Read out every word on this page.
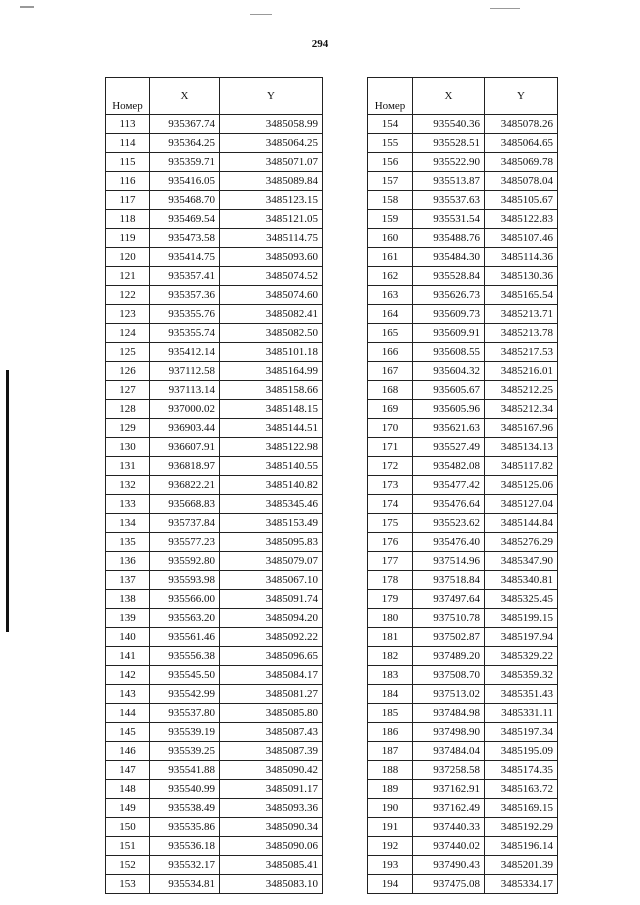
294
Номер	X	Y
113	935367.74	3485058.99
114	935364.25	3485064.25
115	935359.71	3485071.07
116	935416.05	3485089.84
117	935468.70	3485123.15
118	935469.54	3485121.05
119	935473.58	3485114.75
120	935414.75	3485093.60
121	935357.41	3485074.52
122	935357.36	3485074.60
123	935355.76	3485082.41
124	935355.74	3485082.50
125	935412.14	3485101.18
126	937112.58	3485164.99
127	937113.14	3485158.66
128	937000.02	3485148.15
129	936903.44	3485144.51
130	936607.91	3485122.98
131	936818.97	3485140.55
132	936822.21	3485140.82
133	935668.83	3485345.46
134	935737.84	3485153.49
135	935577.23	3485095.83
136	935592.80	3485079.07
137	935593.98	3485067.10
138	935566.00	3485091.74
139	935563.20	3485094.20
140	935561.46	3485092.22
141	935556.38	3485096.65
142	935545.50	3485084.17
143	935542.99	3485081.27
144	935537.80	3485085.80
145	935539.19	3485087.43
146	935539.25	3485087.39
147	935541.88	3485090.42
148	935540.99	3485091.17
149	935538.49	3485093.36
150	935535.86	3485090.34
151	935536.18	3485090.06
152	935532.17	3485085.41
153	935534.81	3485083.10
Номер	X	Y
154	935540.36	3485078.26
155	935528.51	3485064.65
156	935522.90	3485069.78
157	935513.87	3485078.04
158	935537.63	3485105.67
159	935531.54	3485122.83
160	935488.76	3485107.46
161	935484.30	3485114.36
162	935528.84	3485130.36
163	935626.73	3485165.54
164	935609.73	3485213.71
165	935609.91	3485213.78
166	935608.55	3485217.53
167	935604.32	3485216.01
168	935605.67	3485212.25
169	935605.96	3485212.34
170	935621.63	3485167.96
171	935527.49	3485134.13
172	935482.08	3485117.82
173	935477.42	3485125.06
174	935476.64	3485127.04
175	935523.62	3485144.84
176	935476.40	3485276.29
177	937514.96	3485347.90
178	937518.84	3485340.81
179	937497.64	3485325.45
180	937510.78	3485199.15
181	937502.87	3485197.94
182	937489.20	3485329.22
183	937508.70	3485359.32
184	937513.02	3485351.43
185	937484.98	3485331.11
186	937498.90	3485197.34
187	937484.04	3485195.09
188	937258.58	3485174.35
189	937162.91	3485163.72
190	937162.49	3485169.15
191	937440.33	3485192.29
192	937440.02	3485196.14
193	937490.43	3485201.39
194	937475.08	3485334.17
